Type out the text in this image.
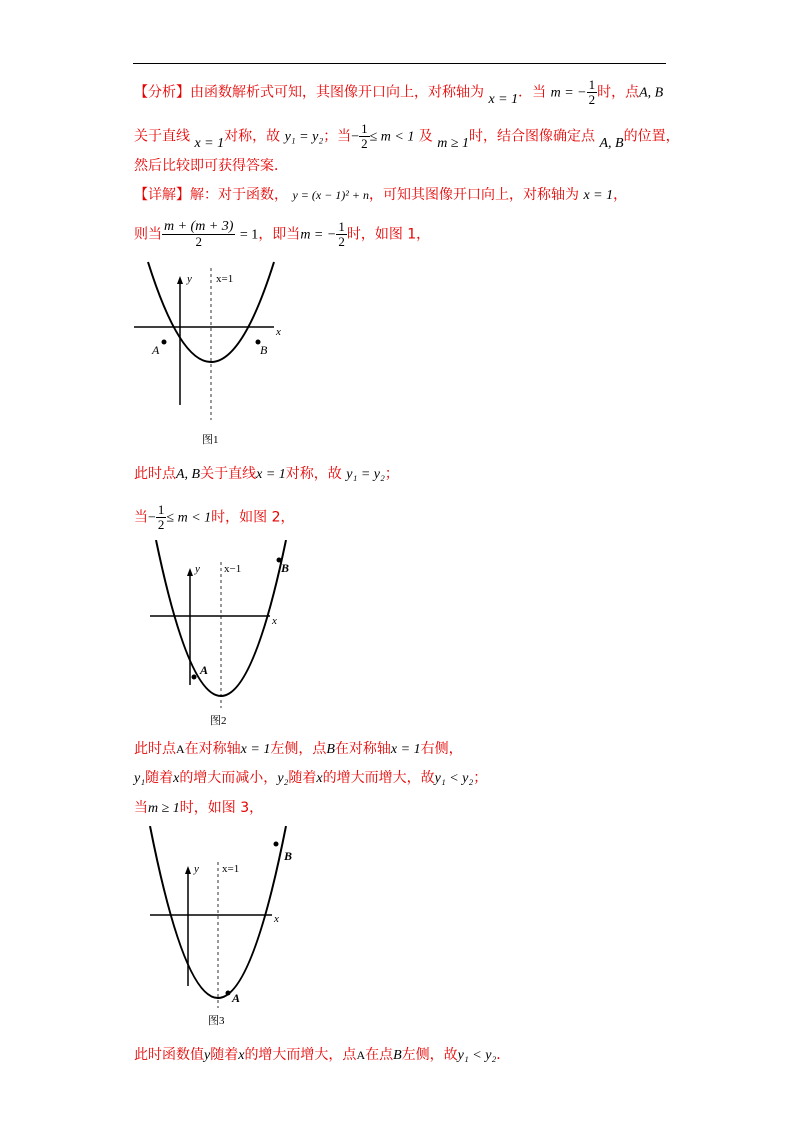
【分析】由函数解析式可知，其图像开口向上，对称轴为 x = 1．当 m = − $\frac{1}{2}$ 时，点A, B
关于直线 x = 1对称，故 y₁ = y₂；当− $\frac{1}{2} \le m < 1$ 及 m ≥ 1时，结合图像确定点 A, B的位置，
然后比较即可获得答案．
【详解】解：对于函数， y = (x − 1)² + n，可知其图像开口向上，对称轴为 x = 1，
则当 $\frac{m + (m + 3)}{2} = 1$，即当m = − $\frac{1}{2}$ 时，如图 1，
y
x
x=1
A	B
图1
此时点A, B关于直线x = 1对称，故 y₁ = y₂；
当− $\frac{1}{2} \le m < 1$时，如图 2，
y
x
x−1
A
B
图2
此时点A在对称轴x = 1左侧，点B在对称轴x = 1右侧，
y₁随着x的增大而减小，y₂随着x的增大而增大，故y₁ < y₂；
当m ≥ 1时，如图 3，
y
x
x=1
A
B
图3
此时函数值y随着x的增大而增大，点A在点B左侧，故y₁ < y₂．
